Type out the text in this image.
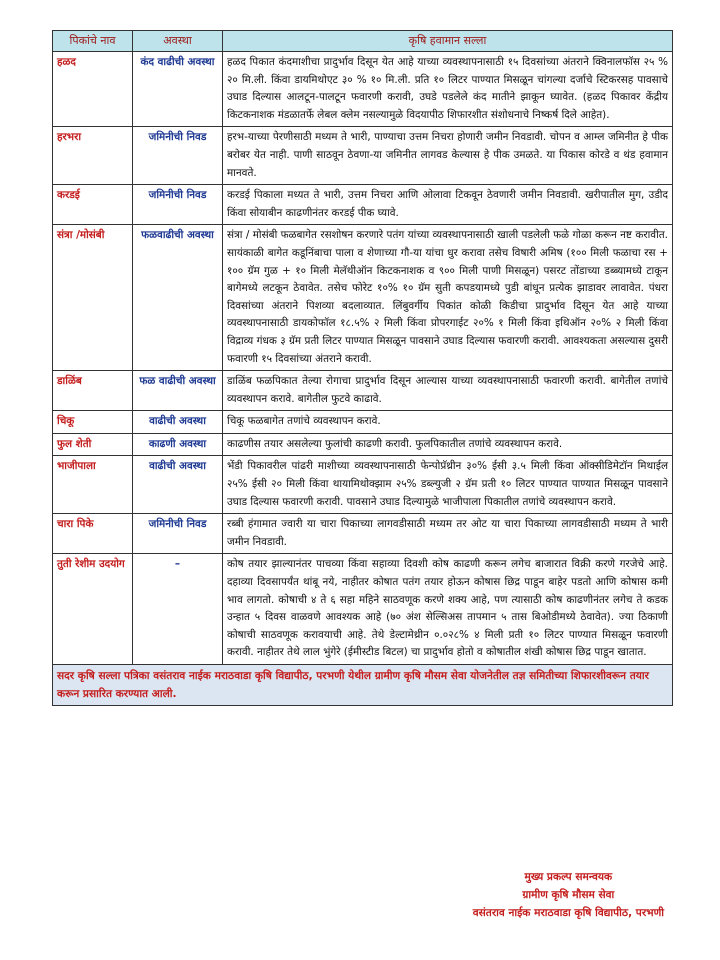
पिकांचे नाव	अवस्था	कृषि हवामान सल्ला
हळद	कंद वाढीची अवस्था	हळद पिकात कंदमाशीचा प्रादुर्भाव दिसून येत आहे याच्या व्यवस्थापनासाठी १५ दिवसांच्या अंतराने क्विनालफॉस २५ % २० मि.ली. किंवा डायमिथोएट ३० % १० मि.ली. प्रति १० लिटर पाण्यात मिसळून चांगल्या दर्जाचे स्टिकरसह पावसाचे उघाड दिल्यास आलटून-पालटून फवारणी करावी, उघडे पडलेले कंद मातीने झाकून घ्यावेत. (हळद पिकावर केंद्रीय किटकनाशक मंडळातर्फे लेबल क्लेम नसल्यामुळे विदयापीठ शिफारशीत संशोधनाचे निष्कर्ष दिले आहेत).
हरभरा	जमिनीची निवड	हरभ-याच्या पेरणीसाठी मध्यम ते भारी, पाण्याचा उत्तम निचरा होणारी जमीन निवडावी. चोपन व आम्ल जमिनीत हे पीक बरोबर येत नाही. पाणी साठवून ठेवणा-या जमिनीत लागवड केल्यास हे पीक उमळते. या पिकास कोरडे व थंड हवामान मानवते.
करडई	जमिनीची निवड	करडई पिकाला मध्यत ते भारी, उत्तम निचरा आणि ओलावा टिकवून ठेवणारी जमीन निवडावी. खरीपातील मुग, उडीद किंवा सोयाबीन काढणीनंतर करडई पीक घ्यावे.
संत्रा /मोसंबी	फळवाढीची अवस्था	संत्रा / मोसंबी फळबागेत रसशोषन करणारे पतंग यांच्या व्यवस्थापनासाठी खाली पडलेली फळे गोळा करून नष्ट करावीत. सायंकाळी बागेत कडूनिंबाचा पाला व शेणाच्या गौ-या यांचा धुर करावा तसेच विषारी अमिष (१०० मिली फळाचा रस + १०० ग्रॅम गुळ + १० मिली मेलॅथीऑन किटकनाशक व ९०० मिली पाणी मिसळून) पसरट तोंडाच्या डब्ब्यामध्ये टाकून बागेमध्ये लटकून ठेवावेत. तसेच फोरेट १०% १० ग्रॅम सुती कपडयामध्ये पुडी बांधून प्रत्येक झाडावर लावावेत. पंधरा दिवसांच्या अंतराने पिशव्या बदलाव्यात. लिंबुवर्गीय पिकांत कोळी किडीचा प्रादुर्भाव दिसून येत आहे याच्या व्यवस्थापनासाठी डायकोफॉल १८.५% २ मिली किंवा प्रोपरगाईट २०% १ मिली किंवा इथिऑन २०% २ मिली किंवा विद्राव्य गंधक ३ ग्रॅम प्रती लिटर पाण्यात मिसळून पावसाने उघाड दिल्यास फवारणी करावी. आवश्यकता असल्यास दुसरी फवारणी १५ दिवसांच्या अंतराने करावी.
डाळिंब	फळ वाढीची अवस्था	डाळिंब फळपिकात तेल्या रोगाचा प्रादुर्भाव दिसून आल्यास याच्या व्यवस्थापनासाठी फवारणी करावी. बागेतील तणांचे व्यवस्थापन करावे. बागेतील फुटवे काढावे.
चिकू	वाढीची अवस्था	चिकू फळबागेत तणांचे व्यवस्थापन करावे.
फुल शेती	काढणी अवस्था	काढणीस तयार असलेल्या फुलांची काढणी करावी. फुलपिकातील तणांचे व्यवस्थापन करावे.
भाजीपाला	वाढीची अवस्था	भेंडी पिकावरील पांढरी माशीच्या व्यवस्थापनासाठी फेन्पोप्रॅथ्रीन ३०% ईसी ३.५ मिली किंवा ऑक्सीडिमेटॉन मिथाईल २५% ईसी २० मिली किंवा थायामिथोक्झाम २५% डब्ल्युजी २ ग्रॅम प्रती १० लिटर पाण्यात पाण्यात मिसळून पावसाने उघाड दिल्यास फवारणी करावी. पावसाने उघाड दिल्यामुळे भाजीपाला पिकातील तणांचे व्यवस्थापन करावे.
चारा पिके	जमिनीची निवड	रब्बी हंगामात ज्वारी या चारा पिकाच्या लागवडीसाठी मध्यम तर ओट या चारा पिकाच्या लागवडीसाठी मध्यम ते भारी जमीन निवडावी.
तुती रेशीम उदयोग	–	कोष तयार झाल्यानंतर पाचव्या किंवा सहाव्या दिवशी कोष काढणी करून लगेच बाजारात विक्री करणे गरजेचे आहे. दहाव्या दिवसापर्यंत थांबू नये, नाहीतर कोषात पतंग तयार होऊन कोषास छिद्र पाडून बाहेर पडतो आणि कोषास कमी भाव लागतो. कोषाची ४ ते ६ सहा महिने साठवणूक करणे शक्य आहे, पण त्यासाठी कोष काढणीनंतर लगेच ते कडक उन्हात ५ दिवस वाळवणे आवश्यक आहे (७० अंश सेल्सिअस तापमान ५ तास बिओडीमध्ये ठेवावेत). ज्या ठिकाणी कोषाची साठवणूक करावयाची आहे. तेथे डेल्टामेथ्रीन ०.०२८% ४ मिली प्रती १० लिटर पाण्यात मिसळून फवारणी करावी. नाहीतर तेथे लाल भुंगेरे (ईमीस्टीड बिटल) चा प्रादुर्भाव होतो व कोषातील शंखी कोषास छिद्र पाडून खातात.
सदर कृषि सल्ला पत्रिका वसंतराव नाईक मराठवाडा कृषि विद्यापीठ, परभणी येथील ग्रामीण कृषि मौसम सेवा योजनेतील तज्ञ समितीच्या शिफारशीवरून तयार करून प्रसारित करण्यात आली.		
मुख्य प्रकल्प समन्वयक
ग्रामीण कृषि मौसम सेवा
वसंतराव नाईक मराठवाडा कृषि विद्यापीठ, परभणी
